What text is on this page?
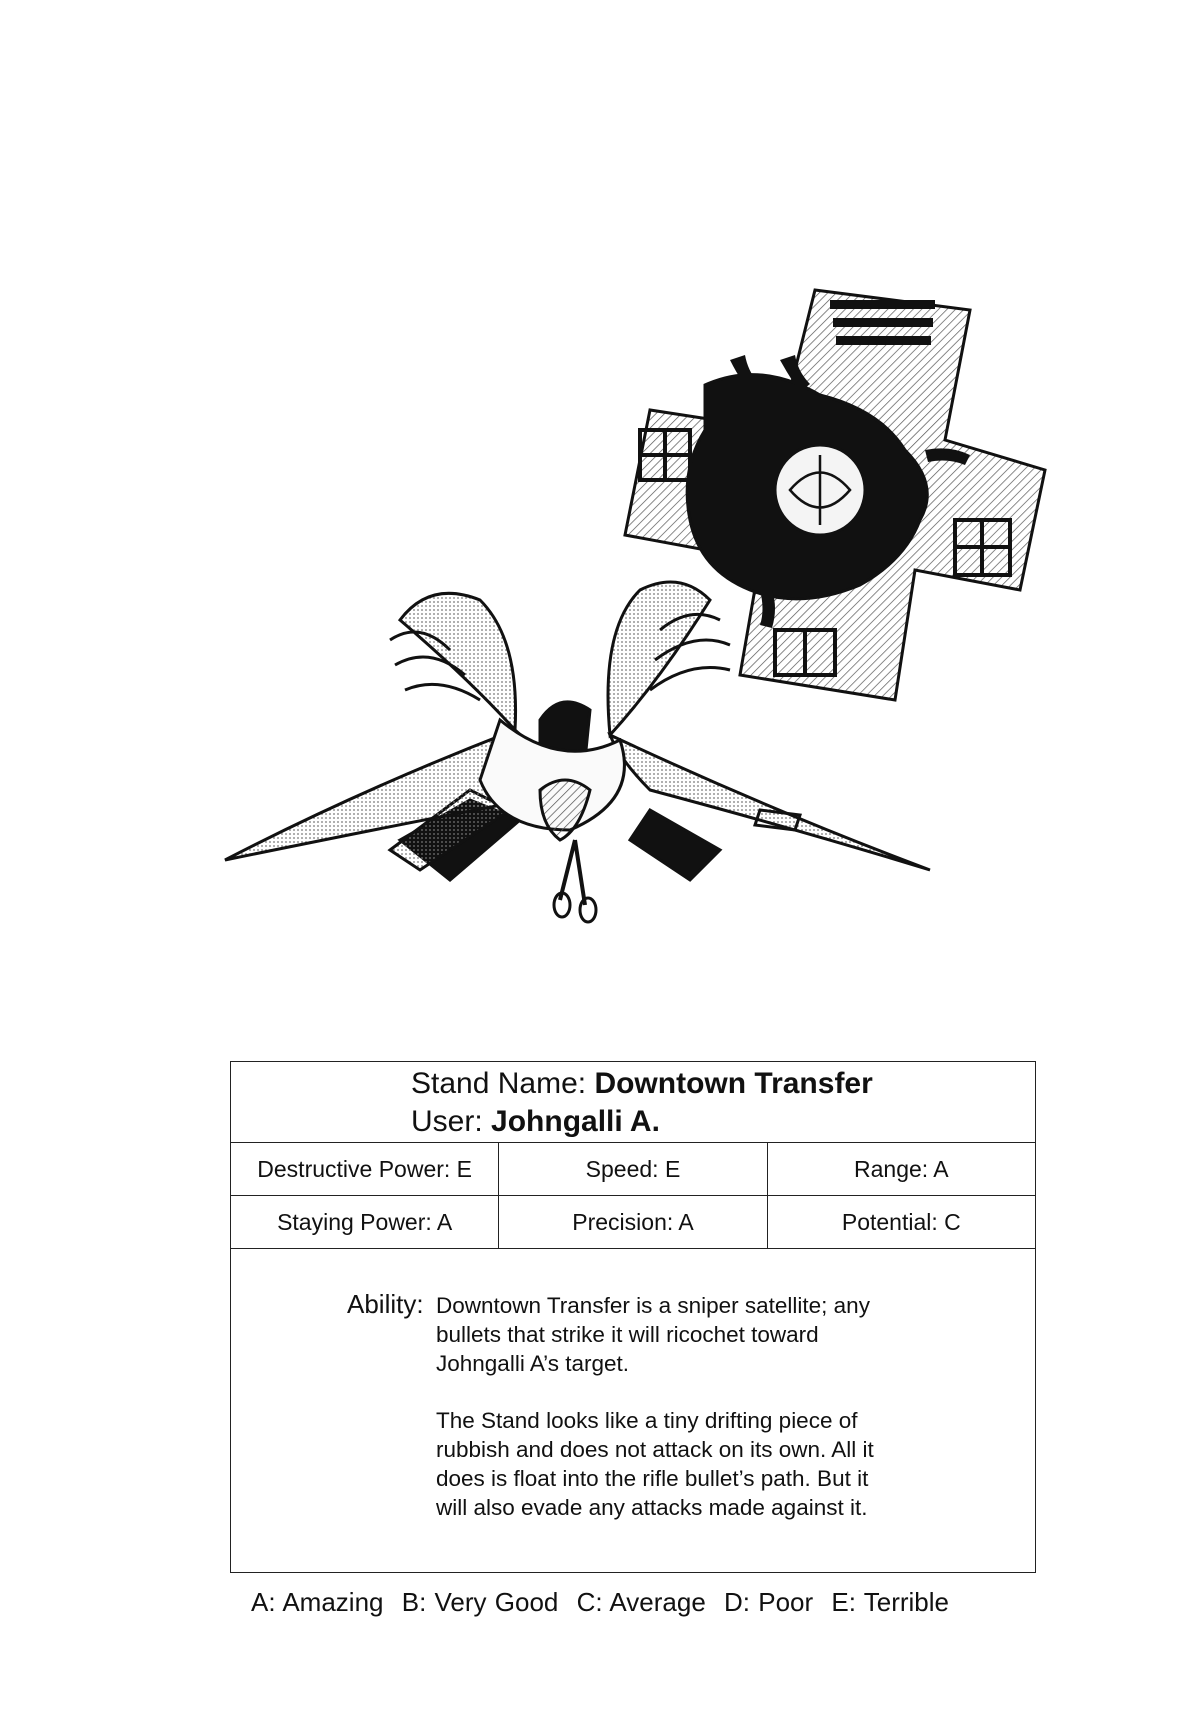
Stand Name: Downtown Transfer
User: Johngalli A.
Destructive Power: E	Speed: E	Range: A
Staying Power: A	Precision: A	Potential: C
Ability: Downtown Transfer is a sniper satellite; any bullets that strike it will ricochet toward Johngalli A’s target.

The Stand looks like a tiny drifting piece of rubbish and does not attack on its own. All it does is float into the rifle bullet’s path. But it will also evade any attacks made against it.

A: Amazing B: Very Good C: Average D: Poor E: Terrible
